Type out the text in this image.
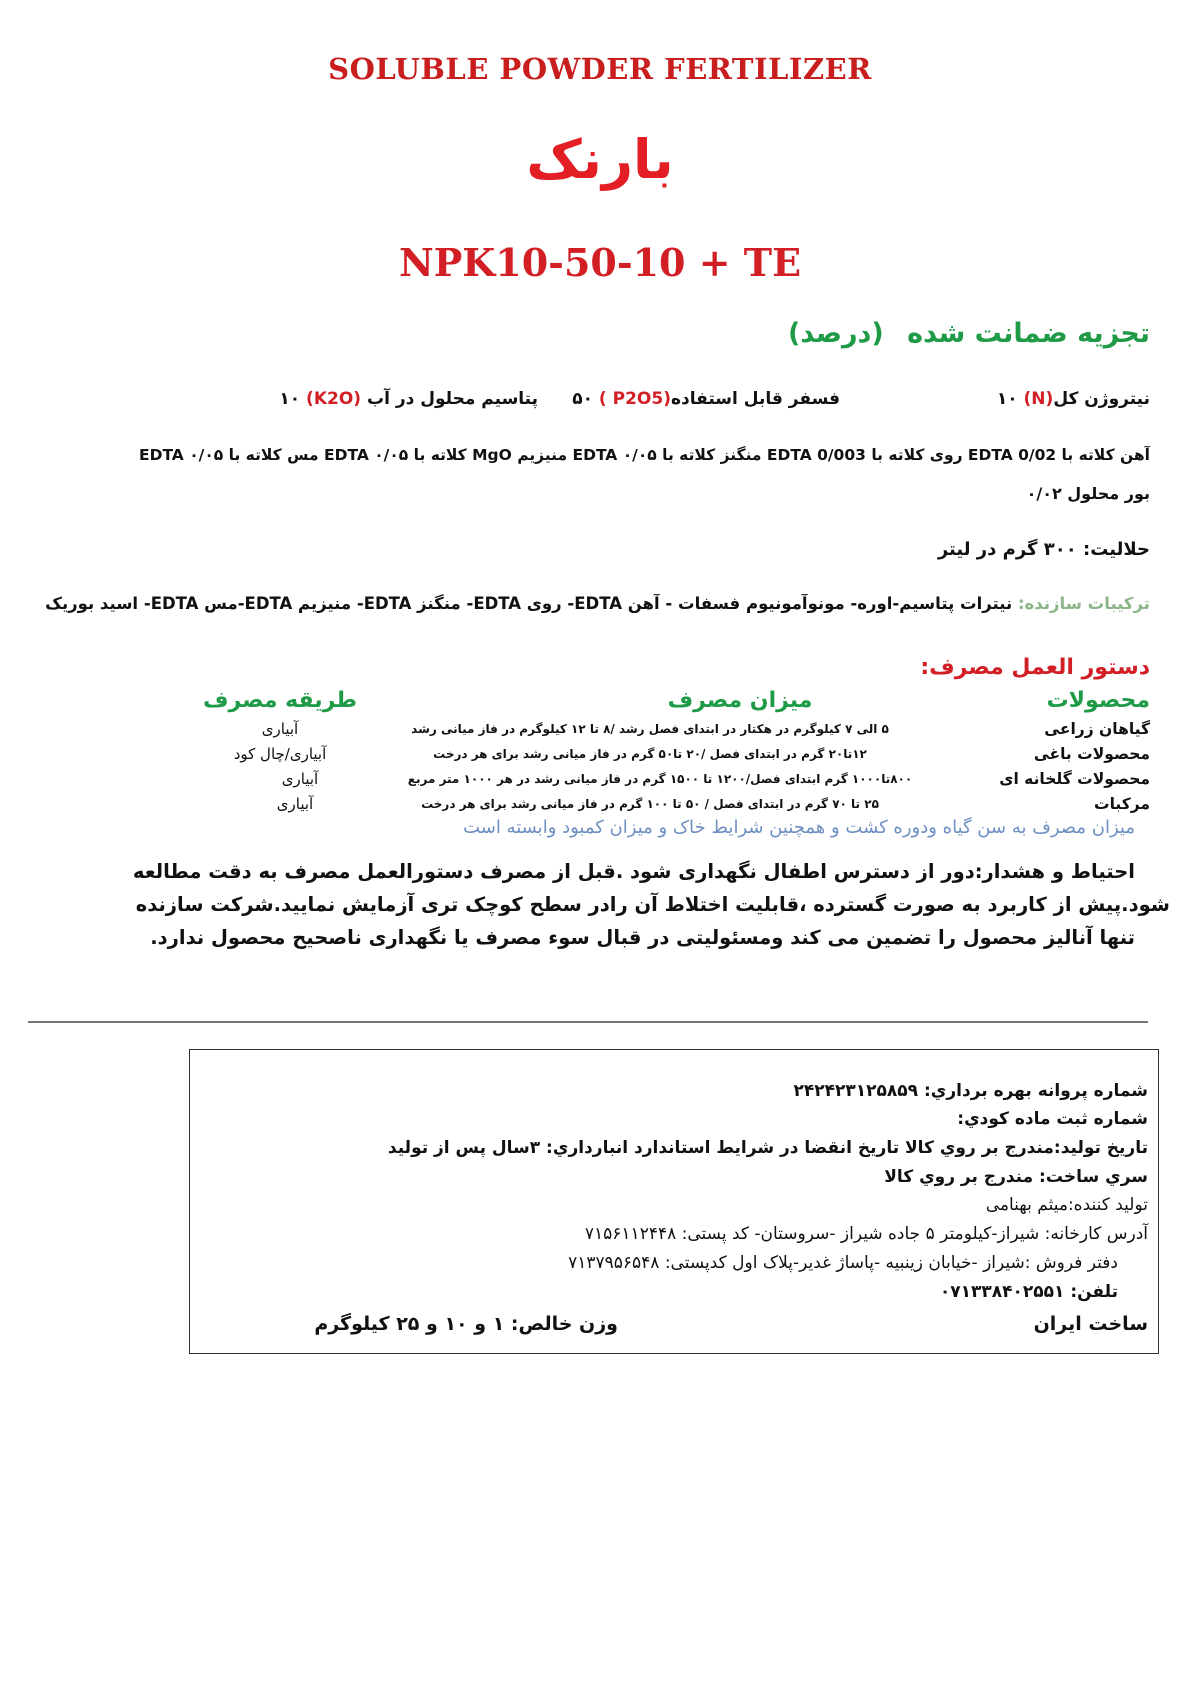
SOLUBLE POWDER FERTILIZER
بارنک
NPK10-50-10 + TE
تجزیه ضمانت شده (درصد)
نیتروژن کل(N) ۱۰
فسفر قابل استفاده(P2O5 ) ۵۰
پتاسیم محلول در آب (K2O) ۱۰
آهن کلاته با EDTA 0/02 روی کلاته با EDTA 0/003 منگنز کلاته با EDTA ۰/۰۵ منیزیم MgO کلاته با EDTA ۰/۰۵ مس کلاته با EDTA ۰/۰۵
بور محلول ۰/۰۲
حلالیت: ۳۰۰ گرم در لیتر
ترکیبات سازنده: نیترات پتاسیم-اوره- مونوآمونیوم فسفات - آهن EDTA- روی EDTA- منگنز EDTA- منیزیم EDTA-مس EDTA- اسید بوریک
دستور العمل مصرف:
محصولات
میزان مصرف
طریقه مصرف
گیاهان زراعی
۵ الی ۷ کیلوگرم در هکتار در ابتدای فصل رشد /۸ تا ۱۲ کیلوگرم در فاز میانی رشد
آبیاری
محصولات باغی
۱۲تا۲۰ گرم در ابتدای فصل /۲۰ تا۵۰ گرم در فاز میانی رشد برای هر درخت
آبیاری/چال کود
محصولات گلخانه ای
۸۰۰تا۱۰۰۰ گرم ابتدای فصل/۱۲۰۰ تا ۱۵۰۰ گرم در فاز میانی رشد در هر ۱۰۰۰ متر مربع
آبیاری
مرکبات
۲۵ تا ۷۰ گرم در ابتدای فصل / ۵۰ تا ۱۰۰ گرم در فاز میانی رشد برای هر درخت
آبیاری
میزان مصرف به سن گیاه ودوره کشت و همچنین شرایط خاک و میزان کمبود وابسته است
احتیاط و هشدار:دور از دسترس اطفال نگهداری شود .قبل از مصرف دستورالعمل مصرف به دقت مطالعه
شود.پیش از کاربرد به صورت گسترده ،قابلیت اختلاط آن رادر سطح کوچک تری آزمایش نمایید.شرکت سازنده
تنها آنالیز محصول را تضمین می کند ومسئولیتی در قبال سوء مصرف یا نگهداری ناصحیح محصول ندارد.
شماره پروانه بهره برداري: ۲۴۲۴۲۳۱۲۵۸۵۹
شماره ثبت ماده كودي:
تاریخ تولید:مندرج بر روي كالا تاريخ انقضا در شرايط استاندارد انبارداري: ۳سال پس از تولید
سري ساخت: مندرج بر روي كالا
تولید کننده:میثم بهنامی
آدرس کارخانه: شیراز-کیلومتر ۵ جاده شیراز -سروستان- کد پستی: ۷۱۵۶۱۱۲۴۴۸
دفتر فروش :شیراز -خیابان زینبیه -پاساژ غدیر-پلاک اول کدپستی: ۷۱۳۷۹۵۶۵۴۸
تلفن: ۰۷۱۳۳۸۴۰۲۵۵۱
ساخت ایران
وزن خالص: ۱ و ۱۰ و ۲۵ کیلوگرم
